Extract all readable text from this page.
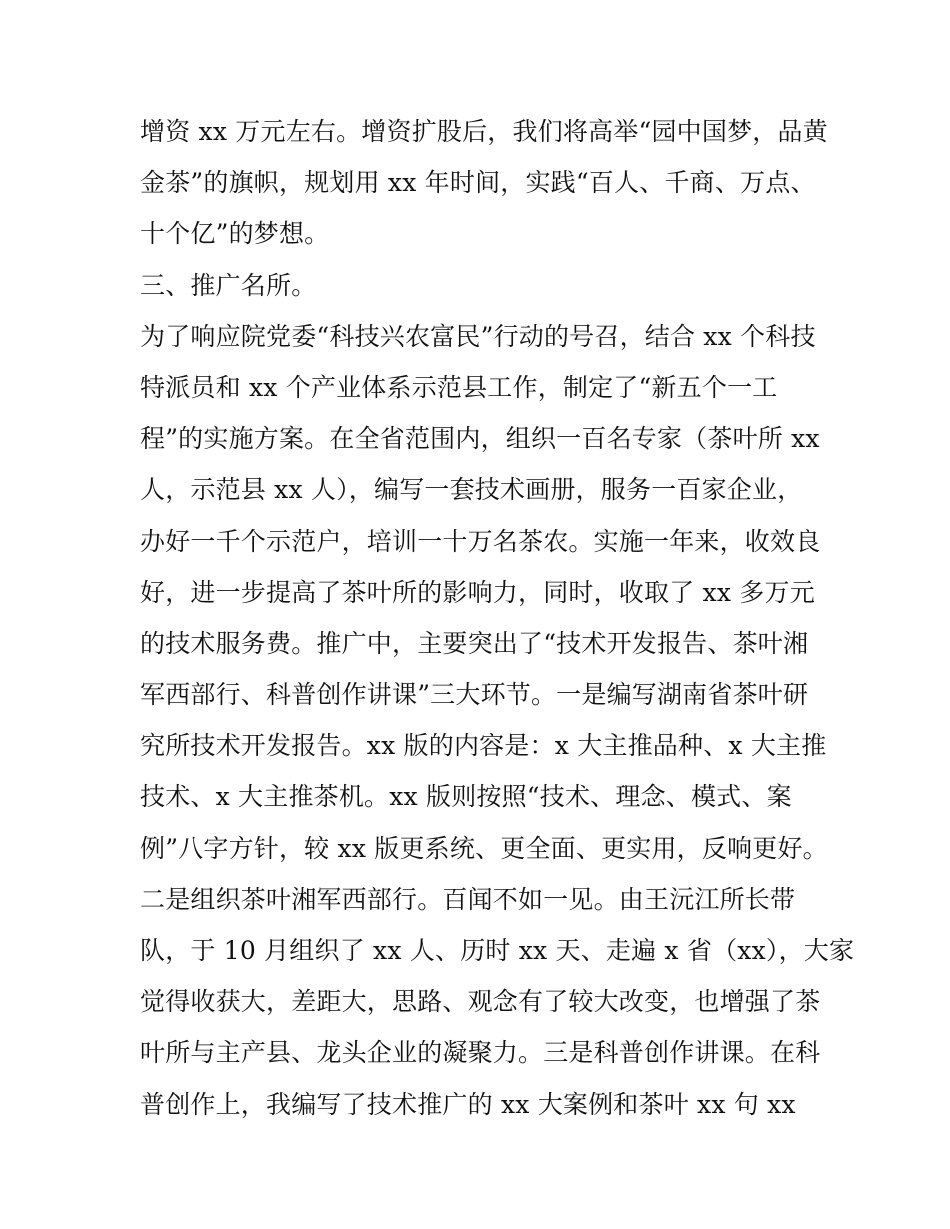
增资 xx 万元左右。增资扩股后，我们将高举“园中国梦，品黄
金茶”的旗帜，规划用 xx 年时间，实践“百人、千商、万点、
十个亿”的梦想。
三、推广名所。
为了响应院党委“科技兴农富民”行动的号召，结合 xx 个科技
特派员和 xx 个产业体系示范县工作，制定了“新五个一工
程”的实施方案。在全省范围内，组织一百名专家（茶叶所 xx
人，示范县 xx 人），编写一套技术画册，服务一百家企业，
办好一千个示范户，培训一十万名茶农。实施一年来，收效良
好，进一步提高了茶叶所的影响力，同时，收取了 xx 多万元
的技术服务费。推广中，主要突出了“技术开发报告、茶叶湘
军西部行、科普创作讲课”三大环节。一是编写湖南省茶叶研
究所技术开发报告。xx 版的内容是：x 大主推品种、x 大主推
技术、x 大主推茶机。xx 版则按照“技术、理念、模式、案
例”八字方针，较 xx 版更系统、更全面、更实用，反响更好。
二是组织茶叶湘军西部行。百闻不如一见。由王沅江所长带
队，于 10 月组织了 xx 人、历时 xx 天、走遍 x 省（xx），大家
觉得收获大，差距大，思路、观念有了较大改变，也增强了茶
叶所与主产县、龙头企业的凝聚力。三是科普创作讲课。在科
普创作上，我编写了技术推广的 xx 大案例和茶叶 xx 句 xx
